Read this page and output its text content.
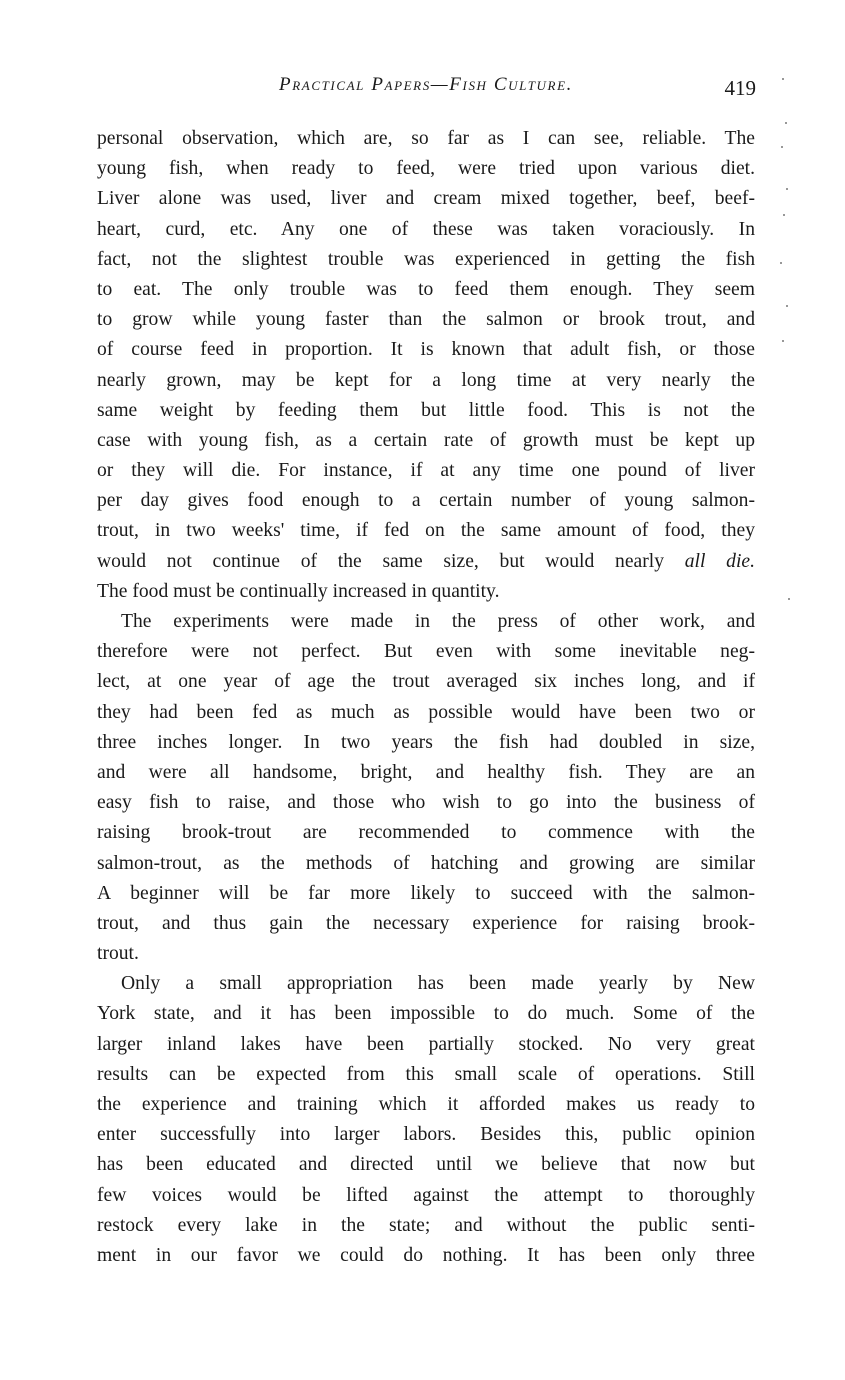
Practical Papers—Fish Culture.	419
personal observation, which are, so far as I can see, reliable. The
young fish, when ready to feed, were tried upon various diet.
Liver alone was used, liver and cream mixed together, beef, beef-
heart, curd, etc. Any one of these was taken voraciously. In
fact, not the slightest trouble was experienced in getting the fish
to eat. The only trouble was to feed them enough. They seem
to grow while young faster than the salmon or brook trout, and
of course feed in proportion. It is known that adult fish, or those
nearly grown, may be kept for a long time at very nearly the
same weight by feeding them but little food. This is not the
case with young fish, as a certain rate of growth must be kept up
or they will die. For instance, if at any time one pound of liver
per day gives food enough to a certain number of young salmon-
trout, in two weeks' time, if fed on the same amount of food, they
would not continue of the same size, but would nearly all die.
The food must be continually increased in quantity.
The experiments were made in the press of other work, and
therefore were not perfect. But even with some inevitable neg-
lect, at one year of age the trout averaged six inches long, and if
they had been fed as much as possible would have been two or
three inches longer. In two years the fish had doubled in size,
and were all handsome, bright, and healthy fish. They are an
easy fish to raise, and those who wish to go into the business of
raising brook-trout are recommended to commence with the
salmon-trout, as the methods of hatching and growing are similar
A beginner will be far more likely to succeed with the salmon-
trout, and thus gain the necessary experience for raising brook-
trout.
Only a small appropriation has been made yearly by New
York state, and it has been impossible to do much. Some of the
larger inland lakes have been partially stocked. No very great
results can be expected from this small scale of operations. Still
the experience and training which it afforded makes us ready to
enter successfully into larger labors. Besides this, public opinion
has been educated and directed until we believe that now but
few voices would be lifted against the attempt to thoroughly
restock every lake in the state; and without the public senti-
ment in our favor we could do nothing. It has been only three
